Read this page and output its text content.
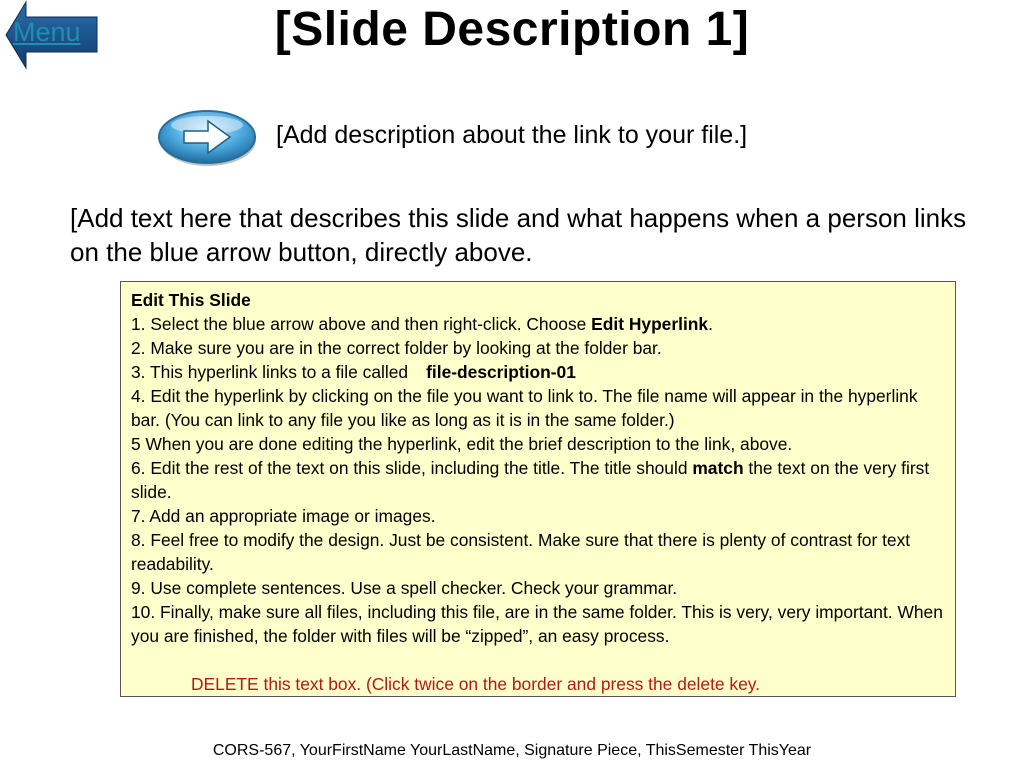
Menu	[Slide Description 1]
[Add description about the link to your file.]
[Add text here that describes this slide and what happens when a person links on the blue arrow button, directly above.

Edit This Slide

1. Select the blue arrow above and then right-click. Choose Edit Hyperlink.

2. Make sure you are in the correct folder by looking at the folder bar.

3. This hyperlink links to a file called file-description-01

4. Edit the hyperlink by clicking on the file you want to link to. The file name will appear in the hyperlink bar. (You can link to any file you like as long as it is in the same folder.)

5 When you are done editing the hyperlink, edit the brief description to the link, above.

6. Edit the rest of the text on this slide, including the title. The title should match the text on the very first slide.

7. Add an appropriate image or images.

8. Feel free to modify the design. Just be consistent. Make sure that there is plenty of contrast for text readability.

9. Use complete sentences. Use a spell checker. Check your grammar.

10. Finally, make sure all files, including this file, are in the same folder. This is very, very important. When you are finished, the folder with files will be “zipped”, an easy process.

DELETE this text box. (Click twice on the border and press the delete key.

CORS-567, YourFirstName YourLastName, Signature Piece, ThisSemester ThisYear
